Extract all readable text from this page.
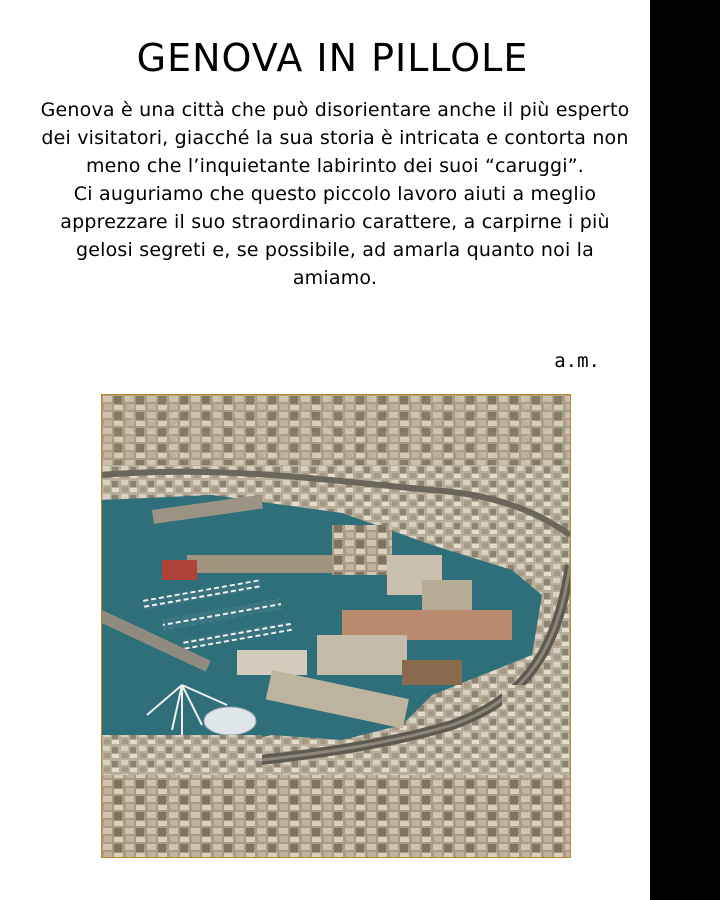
GENOVA IN PILLOLE

Genova è una città che può disorientare anche il più esperto dei visitatori, giacché la sua storia è intricata e contorta non meno che l’inquietante labirinto dei suoi “caruggi”.

Ci auguriamo che questo piccolo lavoro aiuti a meglio apprezzare il suo straordinario carattere, a carpirne i più gelosi segreti e, se possibile, ad amarla quanto noi la amiamo.

a.m.
